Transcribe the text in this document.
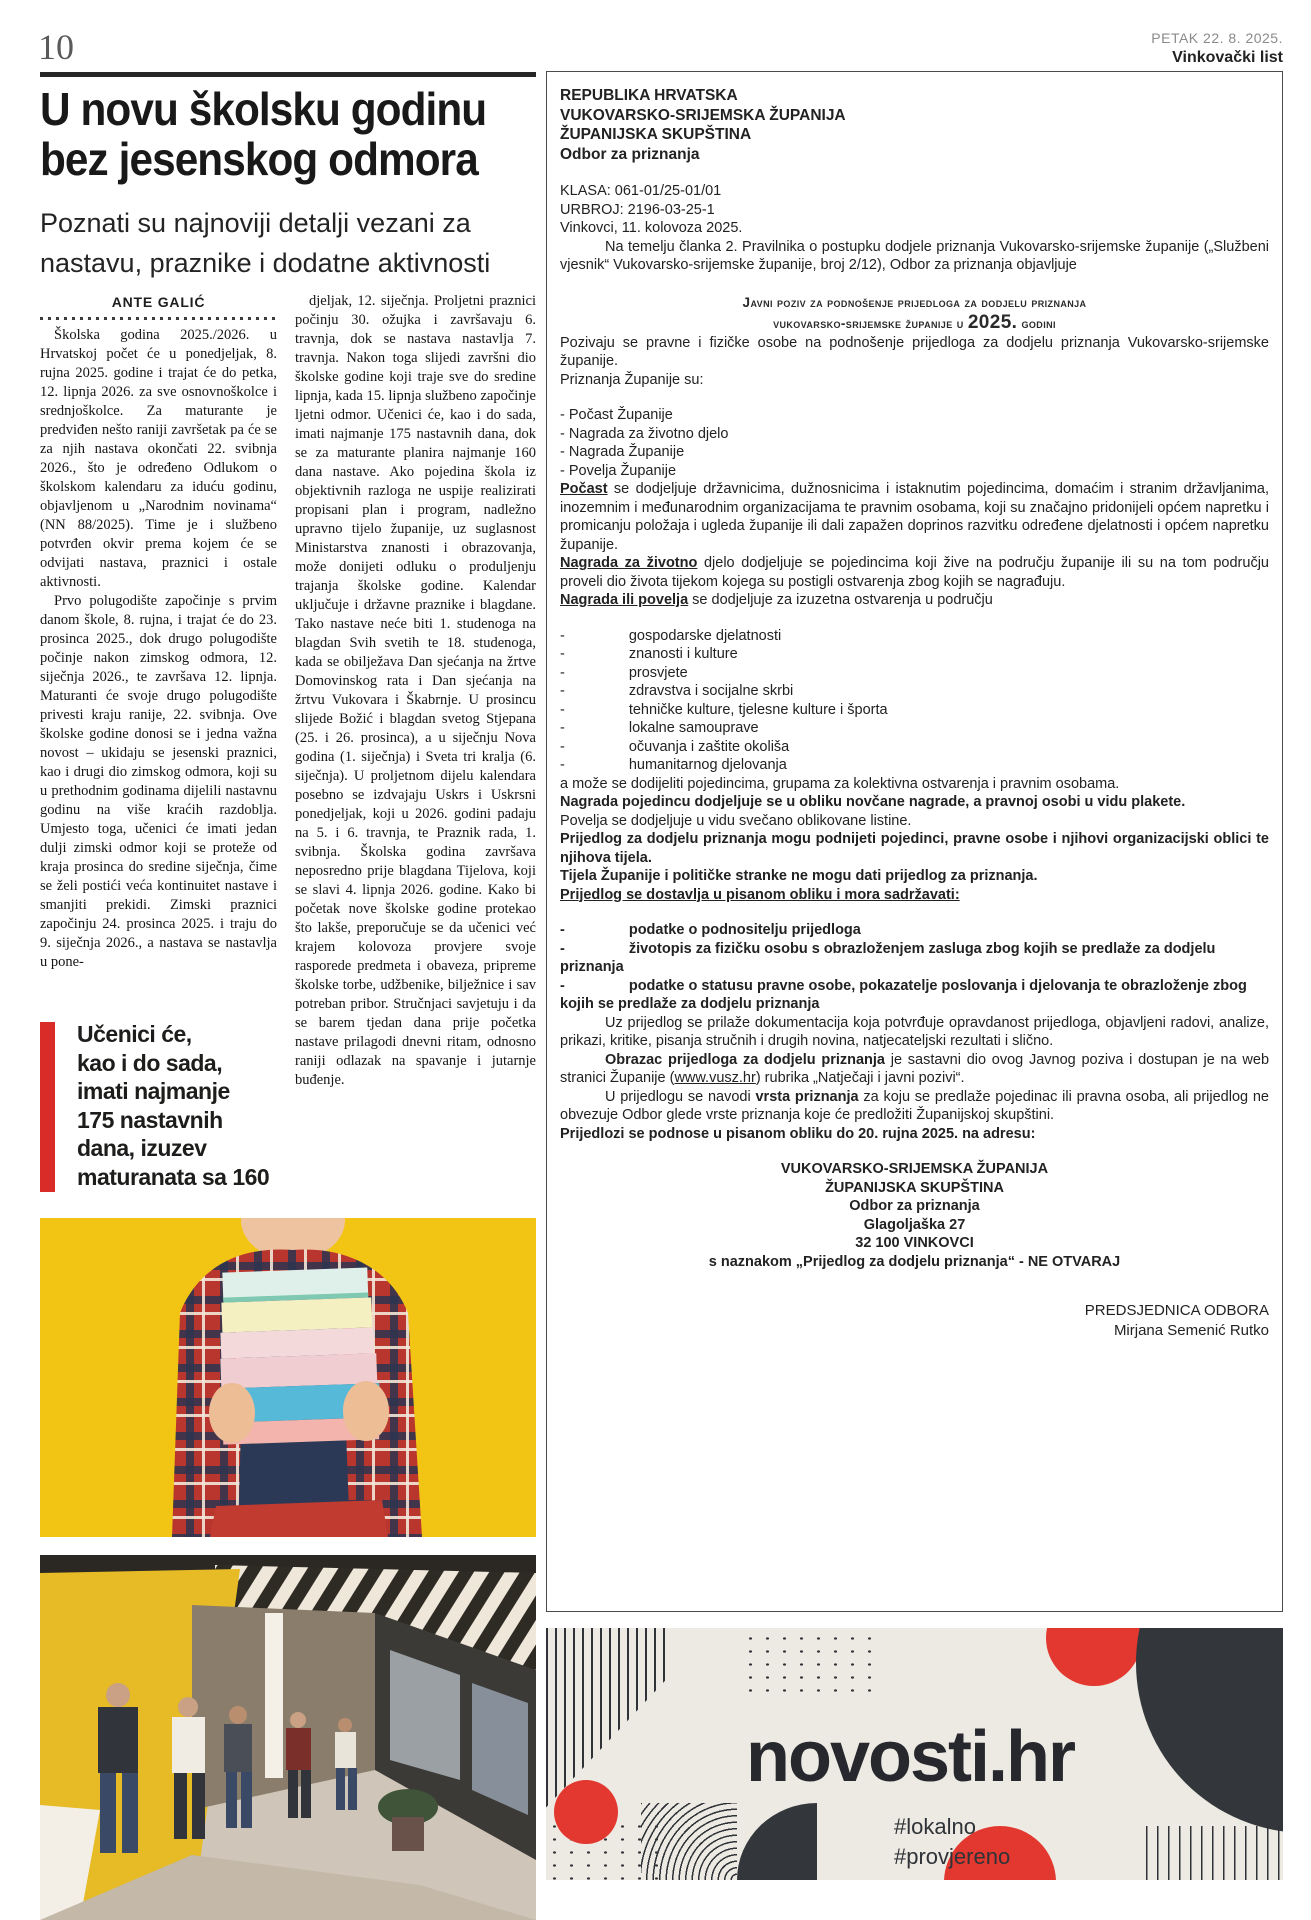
10	PETAK 22. 8. 2025.
Vinkovački list
U novu školsku godinu
bez jesenskog odmora
Poznati su najnoviji detalji vezani za
nastavu, praznike i dodatne aktivnosti
ANTE GALIĆ

Školska godina 2025./2026. u Hrvatskoj počet će u ponedjeljak, 8. rujna 2025. godine i trajat će do petka, 12. lipnja 2026. za sve osnovnoškolce i srednjoškolce. Za maturante je predviđen nešto raniji završetak pa će se za njih nastava okončati 22. svibnja 2026., što je određeno Odlukom o školskom kalendaru za iduću godinu, objavljenom u „Narodnim novinama“ (NN 88/2025). Time je i službeno potvrđen okvir prema kojem će se odvijati nastava, praznici i ostale aktivnosti.

Prvo polugodište započinje s prvim danom škole, 8. rujna, i trajat će do 23. prosinca 2025., dok drugo polugodište počinje nakon zimskog odmora, 12. siječnja 2026., te završava 12. lipnja. Maturanti će svoje drugo polugodište privesti kraju ranije, 22. svibnja. Ove školske godine donosi se i jedna važna novost – ukidaju se jesenski praznici, kao i drugi dio zimskog odmora, koji su u prethodnim godinama dijelili nastavnu godinu na više kraćih razdoblja. Umjesto toga, učenici će imati jedan dulji zimski odmor koji se proteže od kraja prosinca do sredine siječnja, čime se želi postići veća kontinuitet nastave i smanjiti prekidi. Zimski praznici započinju 24. prosinca 2025. i traju do 9. siječnja 2026., a nastava se nastavlja u pone-

djeljak, 12. siječnja. Proljetni praznici počinju 30. ožujka i završavaju 6. travnja, dok se nastava nastavlja 7. travnja. Nakon toga slijedi završni dio školske godine koji traje sve do sredine lipnja, kada 15. lipnja službeno započinje ljetni odmor. Učenici će, kao i do sada, imati najmanje 175 nastavnih dana, dok se za maturante planira najmanje 160 dana nastave. Ako pojedina škola iz objektivnih razloga ne uspije realizirati propisani plan i program, nadležno upravno tijelo županije, uz suglasnost Ministarstva znanosti i obrazovanja, može donijeti odluku o produljenju trajanja školske godine. Kalendar uključuje i državne praznike i blagdane. Tako nastave neće biti 1. studenoga na blagdan Svih svetih te 18. studenoga, kada se obilježava Dan sjećanja na žrtve Domovinskog rata i Dan sjećanja na žrtvu Vukovara i Škabrnje. U prosincu slijede Božić i blagdan svetog Stjepana (25. i 26. prosinca), a u siječnju Nova godina (1. siječnja) i Sveta tri kralja (6. siječnja). U proljetnom dijelu kalendara posebno se izdvajaju Uskrs i Uskrsni ponedjeljak, koji u 2026. godini padaju na 5. i 6. travnja, te Praznik rada, 1. svibnja. Školska godina završava neposredno prije blagdana Tijelova, koji se slavi 4. lipnja 2026. godine. Kako bi početak nove školske godine protekao što lakše, preporučuje se da učenici već krajem kolovoza provjere svoje rasporede predmeta i obaveza, pripreme školske torbe, udžbenike, bilježnice i sav potreban pribor. Stručnjaci savjetuju i da se barem tjedan dana prije početka nastave prilagodi dnevni ritam, odnosno raniji odlazak na spavanje i jutarnje buđenje.

Učenici će,
kao i do sada,
imati najmanje
175 nastavnih
dana, izuzev
maturanata sa 160

REPUBLIKA HRVATSKA

VUKOVARSKO-SRIJEMSKA ŽUPANIJA

ŽUPANIJSKA SKUPŠTINA

Odbor za priznanja

KLASA: 061-01/25-01/01

URBROJ: 2196-03-25-1

Vinkovci, 11. kolovoza 2025.

Na temelju članka 2. Pravilnika o postupku dodjele priznanja Vukovarsko-srijemske županije („Službeni vjesnik“ Vukovarsko-srijemske županije, broj 2/12), Odbor za priznanja objavljuje

Javni poziv za podnošenje prijedloga za dodjelu priznanja
vukovarsko-srijemske županije u 2025. godini

Pozivaju se pravne i fizičke osobe na podnošenje prijedloga za dodjelu priznanja Vukovarsko-srijemske županije.

Priznanja Županije su:

- Počast Županije

- Nagrada za životno djelo

- Nagrada Županije

- Povelja Županije

Počast se dodjeljuje državnicima, dužnosnicima i istaknutim pojedincima, domaćim i stranim državljanima, inozemnim i međunarodnim organizacijama te pravnim osobama, koji su značajno pridonijeli općem napretku i promicanju položaja i ugleda županije ili dali zapažen doprinos razvitku određene djelatnosti i općem napretku županije.

Nagrada za životno djelo dodjeljuje se pojedincima koji žive na području županije ili su na tom području proveli dio života tijekom kojega su postigli ostvarenja zbog kojih se nagrađuju.

Nagrada ili povelja se dodjeljuje za izuzetna ostvarenja u području

-	gospodarske djelatnosti

-	znanosti i kulture

-	prosvjete

-	zdravstva i socijalne skrbi

-	tehničke kulture, tjelesne kulture i športa

-	lokalne samouprave

-	očuvanja i zaštite okoliša

-	humanitarnog djelovanja

a može se dodijeliti pojedincima, grupama za kolektivna ostvarenja i pravnim osobama.

Nagrada pojedincu dodjeljuje se u obliku novčane nagrade, a pravnoj osobi u vidu plakete.

Povelja se dodjeljuje u vidu svečano oblikovane listine.

Prijedlog za dodjelu priznanja mogu podnijeti pojedinci, pravne osobe i njihovi organizacijski oblici te njihova tijela.

Tijela Županije i političke stranke ne mogu dati prijedlog za priznanja.

Prijedlog se dostavlja u pisanom obliku i mora sadržavati:

-	podatke o podnositelju prijedloga

-	životopis za fizičku osobu s obrazloženjem zasluga zbog kojih se predlaže za dodjelu priznanja

-	podatke o statusu pravne osobe, pokazatelje poslovanja i djelovanja te obrazloženje zbog kojih se predlaže za dodjelu priznanja

Uz prijedlog se prilaže dokumentacija koja potvrđuje opravdanost prijedloga, objavljeni radovi, analize, prikazi, kritike, pisanja stručnih i drugih novina, natjecateljski rezultati i slično.

Obrazac prijedloga za dodjelu priznanja je sastavni dio ovog Javnog poziva i dostupan je na web stranici Županije (www.vusz.hr) rubrika „Natječaji i javni pozivi“.

U prijedlogu se navodi vrsta priznanja za koju se predlaže pojedinac ili pravna osoba, ali prijedlog ne obvezuje Odbor glede vrste priznanja koje će predložiti Županijskoj skupštini.

Prijedlozi se podnose u pisanom obliku do 20. rujna 2025. na adresu:

VUKOVARSKO-SRIJEMSKA ŽUPANIJA

ŽUPANIJSKA SKUPŠTINA

Odbor za priznanja

Glagoljaška 27

32 100 VINKOVCI

s naznakom „Prijedlog za dodjelu priznanja“ - NE OTVARAJ

PREDSJEDNICA ODBORA

Mirjana Semenić Rutko

novosti.hr
#lokalno
#provjereno
